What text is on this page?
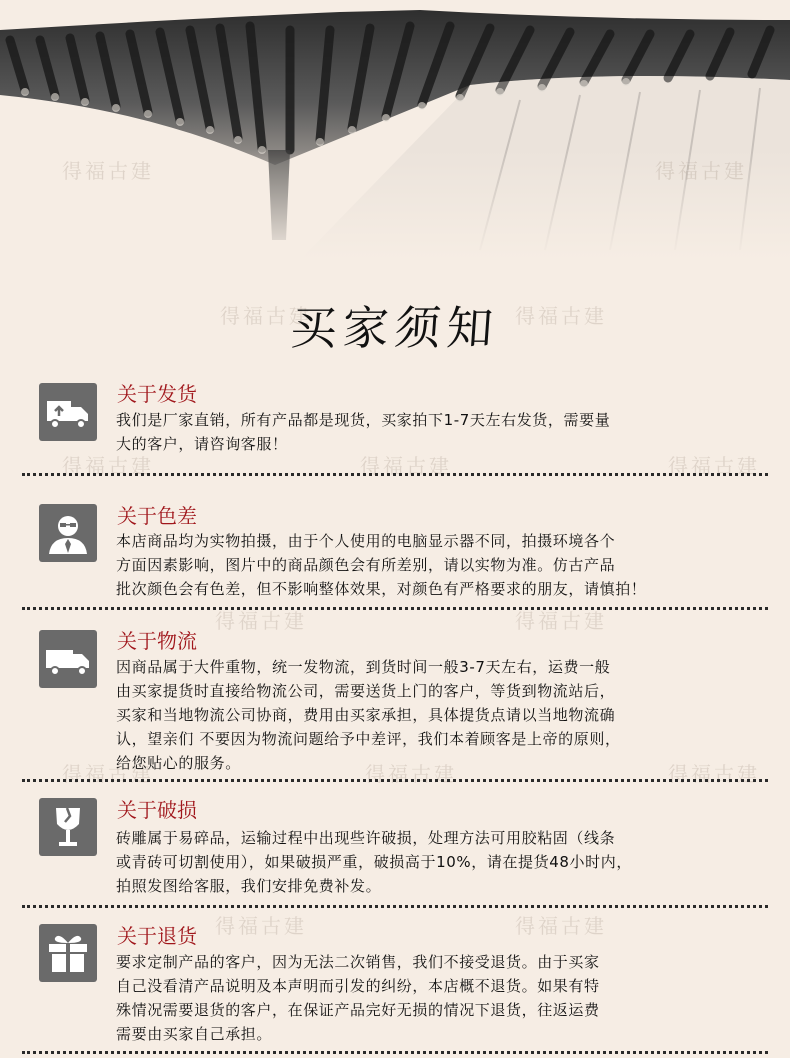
得福古建	得福古建
得福古建	得福古建
得福古建	得福古建	得福古建
得福古建	得福古建
得福古建	得福古建	得福古建
得福古建	得福古建
买家须知
关于发货
我们是厂家直销，所有产品都是现货，买家拍下1-7天左右发货，需要量
大的客户，请咨询客服！
关于色差
本店商品均为实物拍摄，由于个人使用的电脑显示器不同，拍摄环境各个
方面因素影响，图片中的商品颜色会有所差别，请以实物为准。仿古产品
批次颜色会有色差，但不影响整体效果，对颜色有严格要求的朋友，请慎拍！
关于物流
因商品属于大件重物，统一发物流，到货时间一般3-7天左右，运费一般
由买家提货时直接给物流公司，需要送货上门的客户，等货到物流站后，
买家和当地物流公司协商，费用由买家承担，具体提货点请以当地物流确
认，望亲们 不要因为物流问题给予中差评，我们本着顾客是上帝的原则，
给您贴心的服务。
关于破损
砖雕属于易碎品，运输过程中出现些许破损，处理方法可用胶粘固（线条
或青砖可切割使用），如果破损严重，破损高于10%，请在提货48小时内，
拍照发图给客服，我们安排免费补发。
关于退货
要求定制产品的客户，因为无法二次销售，我们不接受退货。由于买家
自己没看清产品说明及本声明而引发的纠纷，本店概不退货。如果有特
殊情况需要退货的客户，在保证产品完好无损的情况下退货，往返运费
需要由买家自己承担。
